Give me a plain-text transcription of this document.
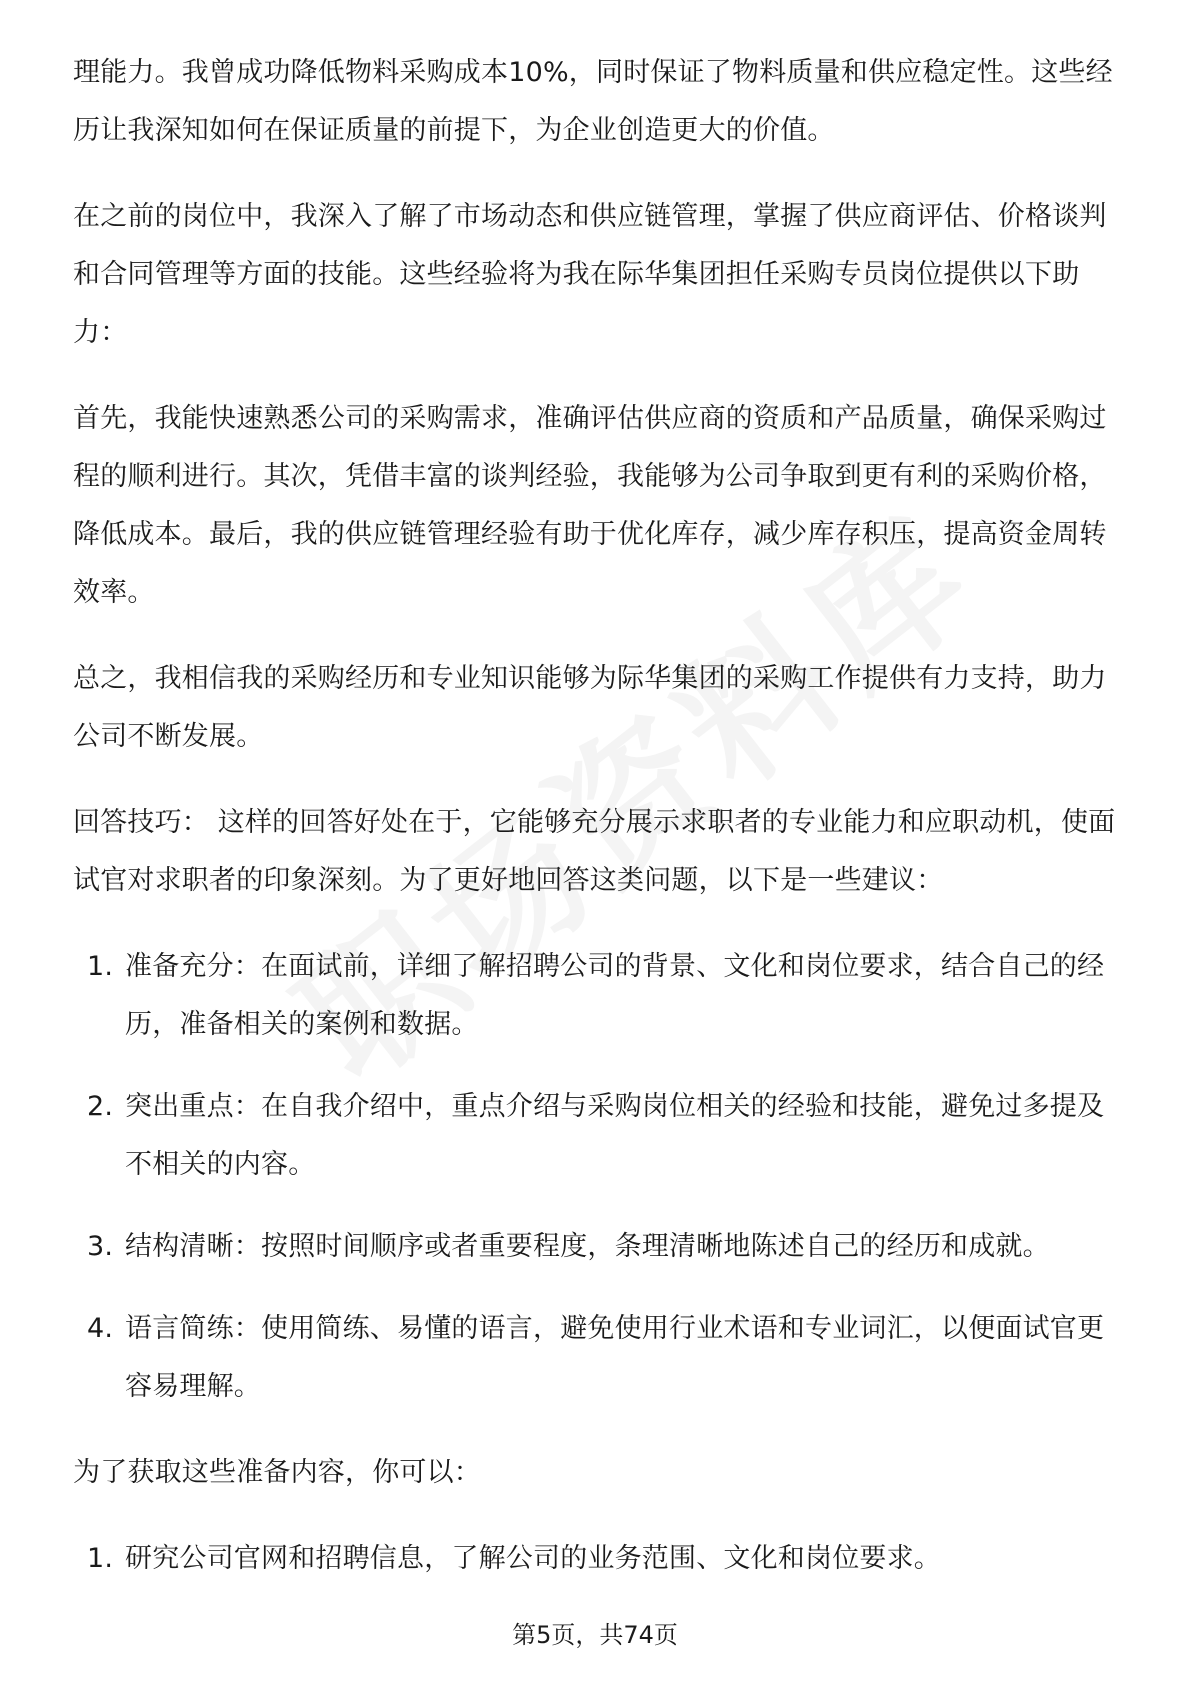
理能力。我曾成功降低物料采购成本10%，同时保证了物料质量和供应稳定性。这些经历让我深知如何在保证质量的前提下，为企业创造更大的价值。

在之前的岗位中，我深入了解了市场动态和供应链管理，掌握了供应商评估、价格谈判和合同管理等方面的技能。这些经验将为我在际华集团担任采购专员岗位提供以下助力：

首先，我能快速熟悉公司的采购需求，准确评估供应商的资质和产品质量，确保采购过程的顺利进行。其次，凭借丰富的谈判经验，我能够为公司争取到更有利的采购价格，降低成本。最后，我的供应链管理经验有助于优化库存，减少库存积压，提高资金周转效率。

总之，我相信我的采购经历和专业知识能够为际华集团的采购工作提供有力支持，助力公司不断发展。

回答技巧： 这样的回答好处在于，它能够充分展示求职者的专业能力和应职动机，使面试官对求职者的印象深刻。为了更好地回答这类问题，以下是一些建议：

1. 准备充分：在面试前，详细了解招聘公司的背景、文化和岗位要求，结合自己的经历，准备相关的案例和数据。
2. 突出重点：在自我介绍中，重点介绍与采购岗位相关的经验和技能，避免过多提及不相关的内容。
3. 结构清晰：按照时间顺序或者重要程度，条理清晰地陈述自己的经历和成就。
4. 语言简练：使用简练、易懂的语言，避免使用行业术语和专业词汇，以便面试官更容易理解。

为了获取这些准备内容，你可以：

1. 研究公司官网和招聘信息，了解公司的业务范围、文化和岗位要求。
第5页，共74页
